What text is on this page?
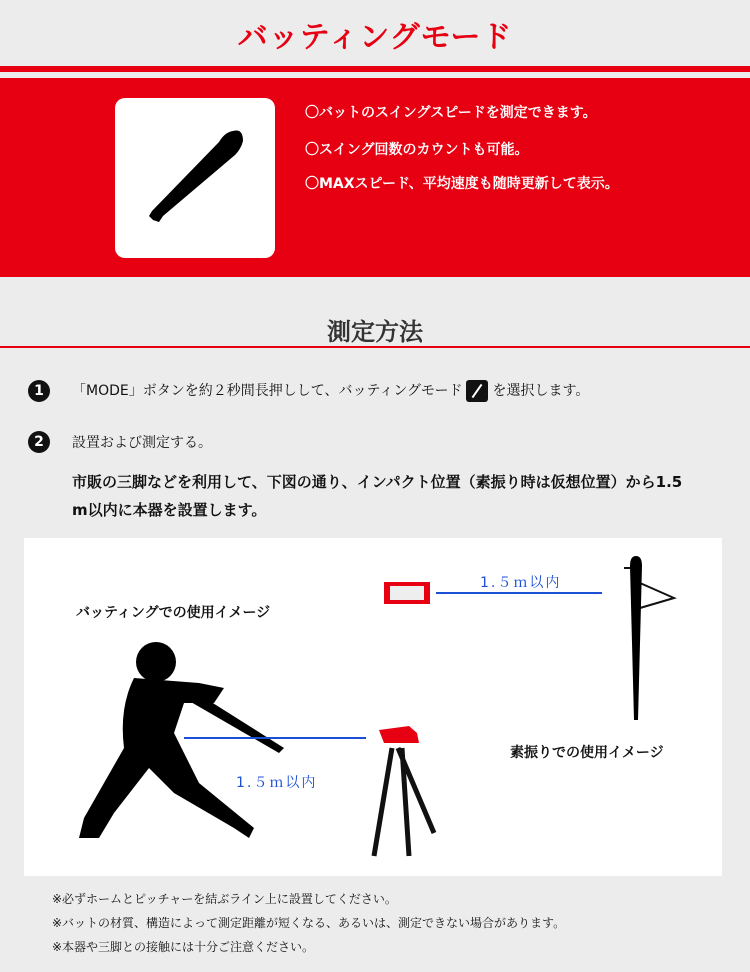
バッティングモード
〇バットのスイングスピードを測定できます。
〇スイング回数のカウントも可能。
〇MAXスピード、平均速度も随時更新して表示。
測定方法
1	「MODE」ボタンを約２秒間長押しして、バッティングモード を選択します。
2	設置および測定する。
市販の三脚などを利用して、下図の通り、インパクト位置（素振り時は仮想位置）から1.5
m以内に本器を設置します。
バッティングでの使用イメージ
素振りでの使用イメージ
1.５ｍ以内
1.５ｍ以内
※必ずホームとピッチャーを結ぶライン上に設置してください。
※バットの材質、構造によって測定距離が短くなる、あるいは、測定できない場合があります。
※本器や三脚との接触には十分ご注意ください。
